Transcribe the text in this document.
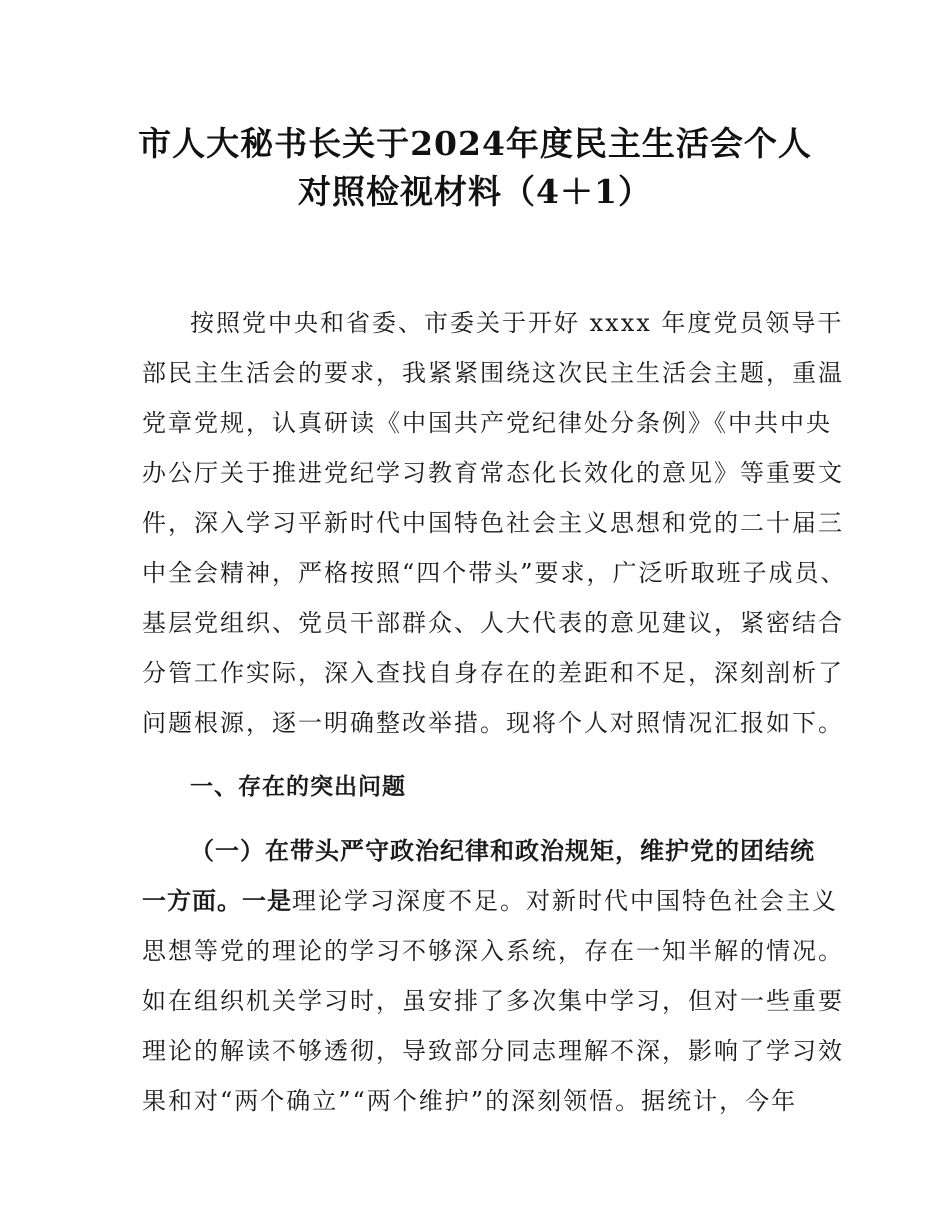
市人大秘书长关于2024年度民主生活会个人
对照检视材料（4＋1）
按照党中央和省委、市委关于开好 xxxx 年度党员领导干
部民主生活会的要求，我紧紧围绕这次民主生活会主题，重温
党章党规，认真研读《中国共产党纪律处分条例》《中共中央
办公厅关于推进党纪学习教育常态化长效化的意见》等重要文
件，深入学习平新时代中国特色社会主义思想和党的二十届三
中全会精神，严格按照“四个带头”要求，广泛听取班子成员、
基层党组织、党员干部群众、人大代表的意见建议，紧密结合
分管工作实际，深入查找自身存在的差距和不足，深刻剖析了
问题根源，逐一明确整改举措。现将个人对照情况汇报如下。
一、存在的突出问题
（一）在带头严守政治纪律和政治规矩，维护党的团结统
一方面。一是理论学习深度不足。对新时代中国特色社会主义
思想等党的理论的学习不够深入系统，存在一知半解的情况。
如在组织机关学习时，虽安排了多次集中学习，但对一些重要
理论的解读不够透彻，导致部分同志理解不深，影响了学习效
果和对“两个确立”“两个维护”的深刻领悟。据统计，今年
